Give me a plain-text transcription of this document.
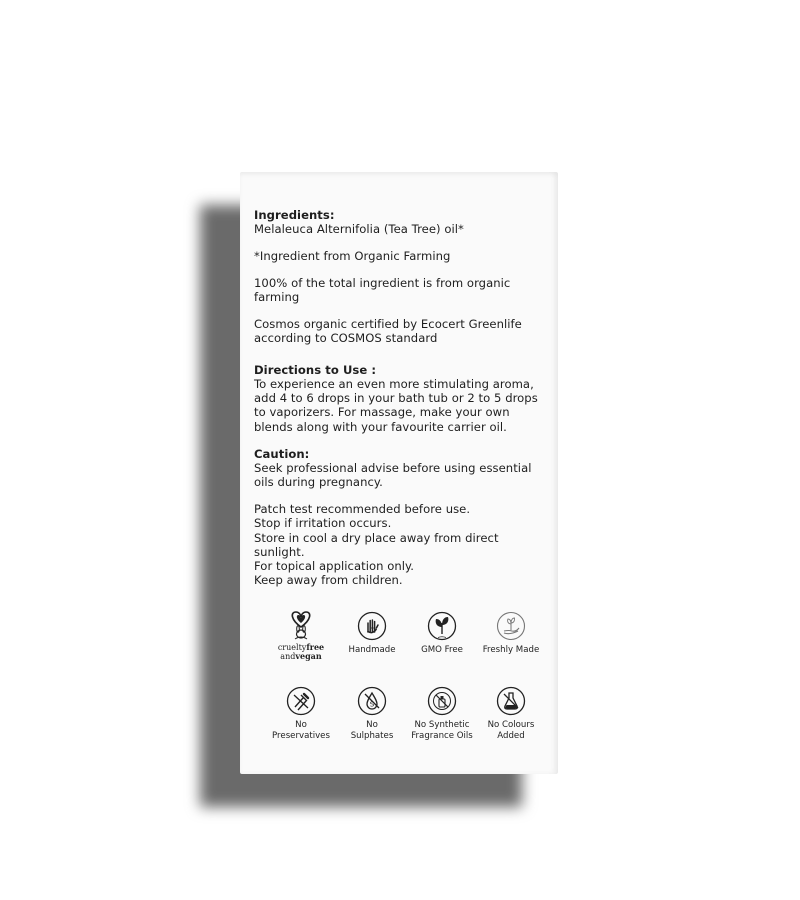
Ingredients:

Melaleuca Alternifolia (Tea Tree) oil*

*Ingredient from Organic Farming

100% of the total ingredient is from organic

farming

Cosmos organic certified by Ecocert Greenlife

according to COSMOS standard

Directions to Use :

To experience an even more stimulating aroma,

add 4 to 6 drops in your bath tub or 2 to 5 drops

to vaporizers. For massage, make your own

blends along with your favourite carrier oil.

Caution:

Seek professional advise before using essential

oils during pregnancy.

Patch test recommended before use.

Stop if irritation occurs.

Store in cool a dry place away from direct

sunlight.

For topical application only.

Keep away from children.

crueltyfree
andvegan
Handmade	GMO Free	Freshly Made
No
Preservatives
S
No
Sulphates
No Synthetic
Fragrance Oils
No Colours
Added
